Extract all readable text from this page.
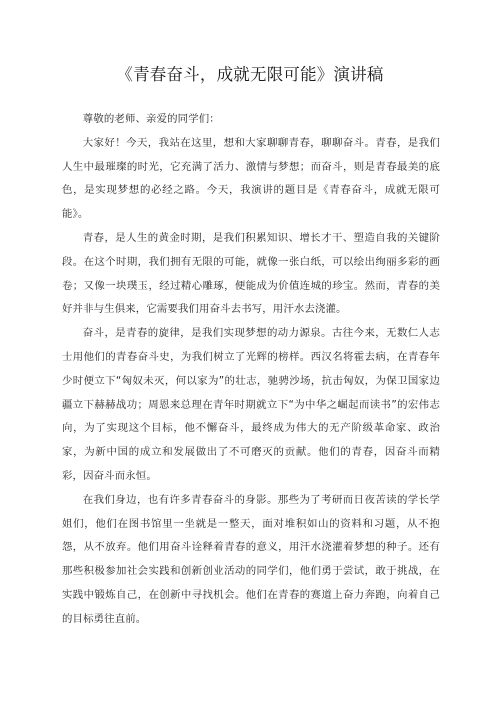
《青春奋斗，成就无限可能》演讲稿

尊敬的老师、亲爱的同学们：

大家好！今天，我站在这里，想和大家聊聊青春，聊聊奋斗。青春，是我们人生中最璀璨的时光，它充满了活力、激情与梦想；而奋斗，则是青春最美的底色，是实现梦想的必经之路。今天，我演讲的题目是《青春奋斗，成就无限可能》。

青春，是人生的黄金时期，是我们积累知识、增长才干、塑造自我的关键阶段。在这个时期，我们拥有无限的可能，就像一张白纸，可以绘出绚丽多彩的画卷；又像一块璞玉，经过精心雕琢，便能成为价值连城的珍宝。然而，青春的美好并非与生俱来，它需要我们用奋斗去书写，用汗水去浇灌。

奋斗，是青春的旋律，是我们实现梦想的动力源泉。古往今来，无数仁人志士用他们的青春奋斗史，为我们树立了光辉的榜样。西汉名将霍去病，在青春年少时便立下“匈奴未灭，何以家为”的壮志，驰骋沙场，抗击匈奴，为保卫国家边疆立下赫赫战功；周恩来总理在青年时期就立下“为中华之崛起而读书”的宏伟志向，为了实现这个目标，他不懈奋斗，最终成为伟大的无产阶级革命家、政治家，为新中国的成立和发展做出了不可磨灭的贡献。他们的青春，因奋斗而精彩，因奋斗而永恒。

在我们身边，也有许多青春奋斗的身影。那些为了考研而日夜苦读的学长学姐们，他们在图书馆里一坐就是一整天，面对堆积如山的资料和习题，从不抱怨，从不放弃。他们用奋斗诠释着青春的意义，用汗水浇灌着梦想的种子。还有那些积极参加社会实践和创新创业活动的同学们，他们勇于尝试，敢于挑战，在实践中锻炼自己，在创新中寻找机会。他们在青春的赛道上奋力奔跑，向着自己的目标勇往直前。
